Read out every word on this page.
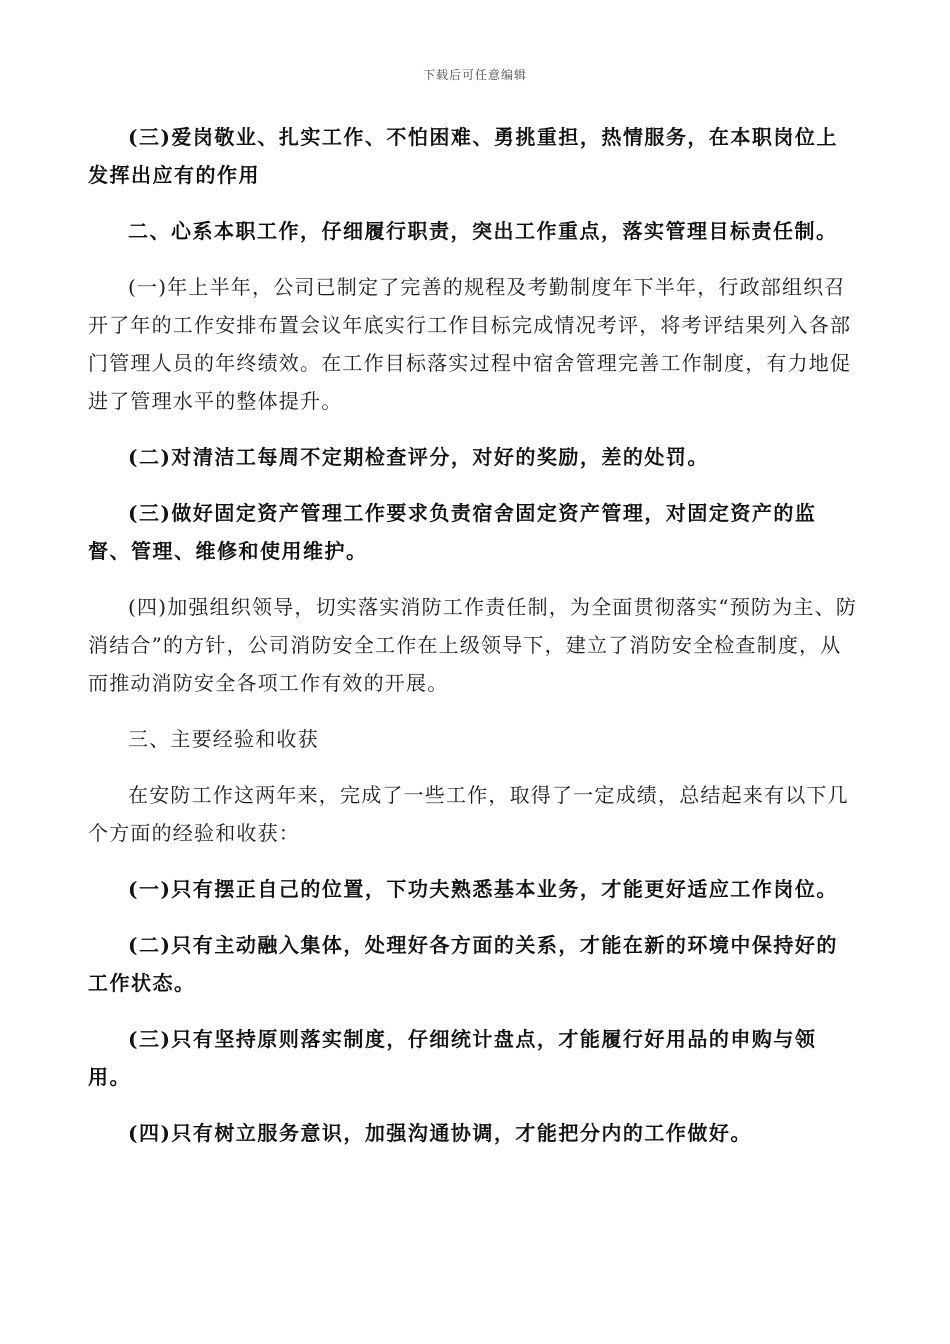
下载后可任意编辑

(三)爱岗敬业、扎实工作、不怕困难、勇挑重担，热情服务，在本职岗位上发挥出应有的作用

二、心系本职工作，仔细履行职责，突出工作重点，落实管理目标责任制。

(一)年上半年，公司已制定了完善的规程及考勤制度年下半年，行政部组织召开了年的工作安排布置会议年底实行工作目标完成情况考评，将考评结果列入各部门管理人员的年终绩效。在工作目标落实过程中宿舍管理完善工作制度，有力地促进了管理水平的整体提升。

(二)对清洁工每周不定期检查评分，对好的奖励，差的处罚。

(三)做好固定资产管理工作要求负责宿舍固定资产管理，对固定资产的监督、管理、维修和使用维护。

(四)加强组织领导，切实落实消防工作责任制，为全面贯彻落实“预防为主、防消结合”的方针，公司消防安全工作在上级领导下，建立了消防安全检查制度，从而推动消防安全各项工作有效的开展。

三、主要经验和收获

在安防工作这两年来，完成了一些工作，取得了一定成绩，总结起来有以下几个方面的经验和收获：

(一)只有摆正自己的位置，下功夫熟悉基本业务，才能更好适应工作岗位。

(二)只有主动融入集体，处理好各方面的关系，才能在新的环境中保持好的工作状态。

(三)只有坚持原则落实制度，仔细统计盘点，才能履行好用品的申购与领用。

(四)只有树立服务意识，加强沟通协调，才能把分内的工作做好。
